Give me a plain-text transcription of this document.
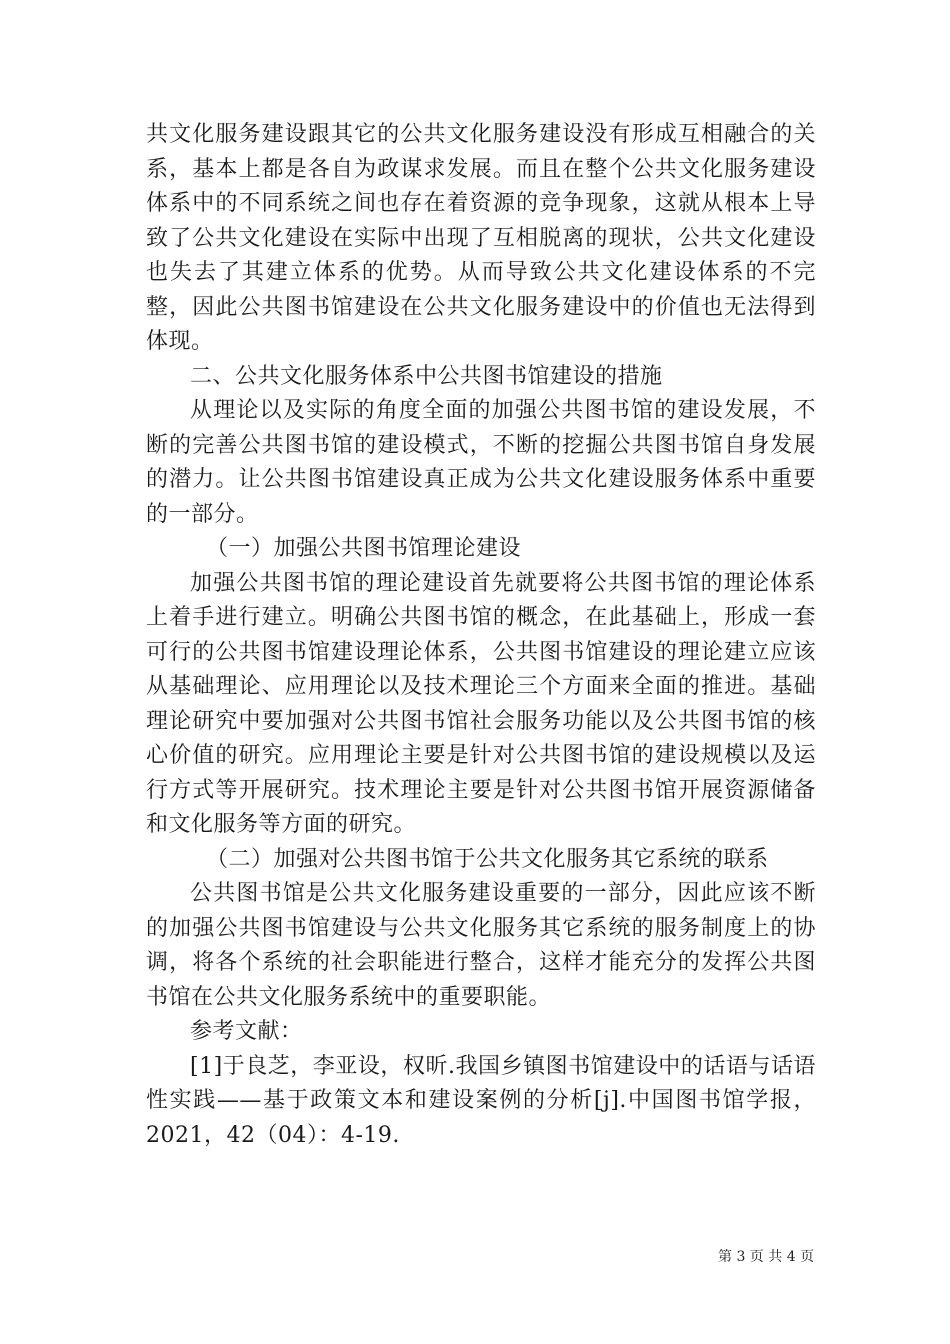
共文化服务建设跟其它的公共文化服务建设没有形成互相融合的关系，基本上都是各自为政谋求发展。而且在整个公共文化服务建设体系中的不同系统之间也存在着资源的竞争现象，这就从根本上导致了公共文化建设在实际中出现了互相脱离的现状，公共文化建设也失去了其建立体系的优势。从而导致公共文化建设体系的不完整，因此公共图书馆建设在公共文化服务建设中的价值也无法得到体现。

二、公共文化服务体系中公共图书馆建设的措施

从理论以及实际的角度全面的加强公共图书馆的建设发展，不断的完善公共图书馆的建设模式，不断的挖掘公共图书馆自身发展的潜力。让公共图书馆建设真正成为公共文化建设服务体系中重要的一部分。

（一）加强公共图书馆理论建设

加强公共图书馆的理论建设首先就要将公共图书馆的理论体系上着手进行建立。明确公共图书馆的概念，在此基础上，形成一套可行的公共图书馆建设理论体系，公共图书馆建设的理论建立应该从基础理论、应用理论以及技术理论三个方面来全面的推进。基础理论研究中要加强对公共图书馆社会服务功能以及公共图书馆的核心价值的研究。应用理论主要是针对公共图书馆的建设规模以及运行方式等开展研究。技术理论主要是针对公共图书馆开展资源储备和文化服务等方面的研究。

（二）加强对公共图书馆于公共文化服务其它系统的联系

公共图书馆是公共文化服务建设重要的一部分，因此应该不断的加强公共图书馆建设与公共文化服务其它系统的服务制度上的协调，将各个系统的社会职能进行整合，这样才能充分的发挥公共图书馆在公共文化服务系统中的重要职能。

参考文献：

[1]于良芝，李亚设，权昕.我国乡镇图书馆建设中的话语与话语性实践——基于政策文本和建设案例的分析[j].中国图书馆学报，2021，42（04）：4-19.

第 3 页 共 4 页
